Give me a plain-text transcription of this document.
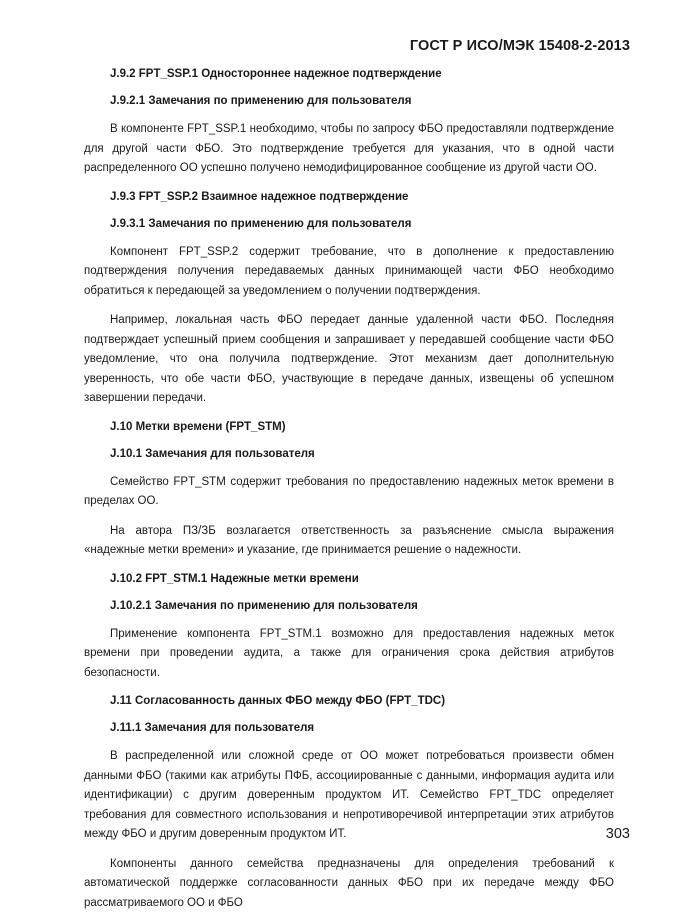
ГОСТ Р ИСО/МЭК 15408-2-2013
J.9.2 FPT_SSP.1 Одностороннее надежное подтверждение
J.9.2.1 Замечания по применению для пользователя
В компоненте FPT_SSP.1 необходимо, чтобы по запросу ФБО предоставляли подтверждение для другой части ФБО. Это подтверждение требуется для указания, что в одной части распределенного ОО успешно получено немодифицированное сообщение из другой части ОО.
J.9.3 FPT_SSP.2 Взаимное надежное подтверждение
J.9.3.1 Замечания по применению для пользователя
Компонент FPT_SSP.2 содержит требование, что в дополнение к предоставлению подтверждения получения передаваемых данных принимающей части ФБО необходимо обратиться к передающей за уведомлением о получении подтверждения.
Например, локальная часть ФБО передает данные удаленной части ФБО. Последняя подтверждает успешный прием сообщения и запрашивает у передавшей сообщение части ФБО уведомление, что она получила подтверждение. Этот механизм дает дополнительную уверенность, что обе части ФБО, участвующие в передаче данных, извещены об успешном завершении передачи.
J.10 Метки времени (FPT_STM)
J.10.1 Замечания для пользователя
Семейство FPT_STM содержит требования по предоставлению надежных меток времени в пределах ОО.
На автора ПЗ/ЗБ возлагается ответственность за разъяснение смысла выражения «надежные метки времени» и указание, где принимается решение о надежности.
J.10.2 FPT_STM.1 Надежные метки времени
J.10.2.1 Замечания по применению для пользователя
Применение компонента FPT_STM.1 возможно для предоставления надежных меток времени при проведении аудита, а также для ограничения срока действия атрибутов безопасности.
J.11 Согласованность данных ФБО между ФБО (FPT_TDC)
J.11.1 Замечания для пользователя
В распределенной или сложной среде от ОО может потребоваться произвести обмен данными ФБО (такими как атрибуты ПФБ, ассоциированные с данными, информация аудита или идентификации) с другим доверенным продуктом ИТ. Семейство FPT_TDC определяет требования для совместного использования и непротиворечивой интерпретации этих атрибутов между ФБО и другим доверенным продуктом ИТ.
Компоненты данного семейства предназначены для определения требований к автоматической поддержке согласованности данных ФБО при их передаче между ФБО рассматриваемого ОО и ФБО
303
